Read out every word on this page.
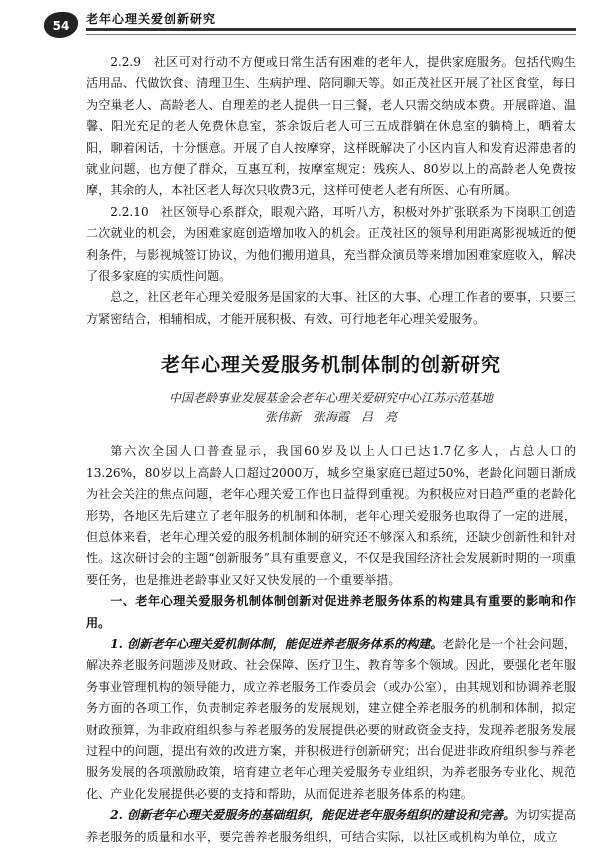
54	老年心理关爱创新研究

2.2.9　社区可对行动不方便或日常生活有困难的老年人，提供家庭服务。包括代购生活用品、代做饮食、清理卫生、生病护理、陪同聊天等。如正茂社区开展了社区食堂，每日为空巢老人、高龄老人、自理差的老人提供一日三餐，老人只需交纳成本费。开展辟道、温馨、阳光充足的老人免费休息室，茶余饭后老人可三五成群躺在休息室的躺椅上，晒着太阳，聊着闲话，十分惬意。开展了自人按摩穿，这样既解决了小区内盲人和发育迟滞患者的就业问题，也方便了群众，互惠互利，按摩室规定：残疾人、80岁以上的高龄老人免费按摩，其余的人，本社区老人每次只收费3元，这样可使老人老有所医、心有所属。

2.2.10　社区领导心系群众，眼观六路，耳听八方，积极对外扩张联系为下岗职工创造二次就业的机会，为困难家庭创造增加收入的机会。正茂社区的领导利用距离影视城近的便利条件，与影视城签订协议，为他们搬用道具，充当群众演员等来增加困难家庭收入，解决了很多家庭的实质性问题。

总之，社区老年心理关爱服务是国家的大事、社区的大事、心理工作者的要事，只要三方紧密结合，相辅相成，才能开展积极、有效、可行地老年心理关爱服务。

老年心理关爱服务机制体制的创新研究
中国老龄事业发展基金会老年心理关爱研究中心江苏示范基地
张伟新　张海霞　吕　亮

第六次全国人口普查显示，我国60岁及以上人口已达1.7亿多人，占总人口的13.26%，80岁以上高龄人口超过2000万，城乡空巢家庭已超过50%，老龄化问题日渐成为社会关注的焦点问题，老年心理关爱工作也日益得到重视。为积极应对日趋严重的老龄化形势，各地区先后建立了老年服务的机制和体制，老年心理关爱服务也取得了一定的进展，但总体来看，老年心理关爱的服务机制体制的研究还不够深入和系统，还缺少创新性和针对性。这次研讨会的主题“创新服务”具有重要意义，不仅是我国经济社会发展新时期的一项重要任务，也是推进老龄事业又好又快发展的一个重要举措。

一、老年心理关爱服务机制体制创新对促进养老服务体系的构建具有重要的影响和作用。

1. 创新老年心理关爱机制体制，能促进养老服务体系的构建。老龄化是一个社会问题，解决养老服务问题涉及财政、社会保障、医疗卫生、教育等多个领域。因此，要强化老年服务事业管理机构的领导能力，成立养老服务工作委员会（或办公室），由其规划和协调养老服务方面的各项工作，负责制定养老服务的发展规划，建立健全养老服务的机制和体制，拟定财政预算，为非政府组织参与养老服务的发展提供必要的财政资金支持，发现养老服务发展过程中的问题，提出有效的改进方案，并积极进行创新研究；出台促进非政府组织参与养老服务发展的各项激励政策，培育建立老年心理关爱服务专业组织，为养老服务专业化、规范化、产业化发展提供必要的支持和帮助，从而促进养老服务体系的构建。

2. 创新老年心理关爱服务的基础组织，能促进老年服务组织的建设和完善。为切实提高养老服务的质量和水平，要完善养老服务组织，可结合实际，以社区或机构为单位，成立
